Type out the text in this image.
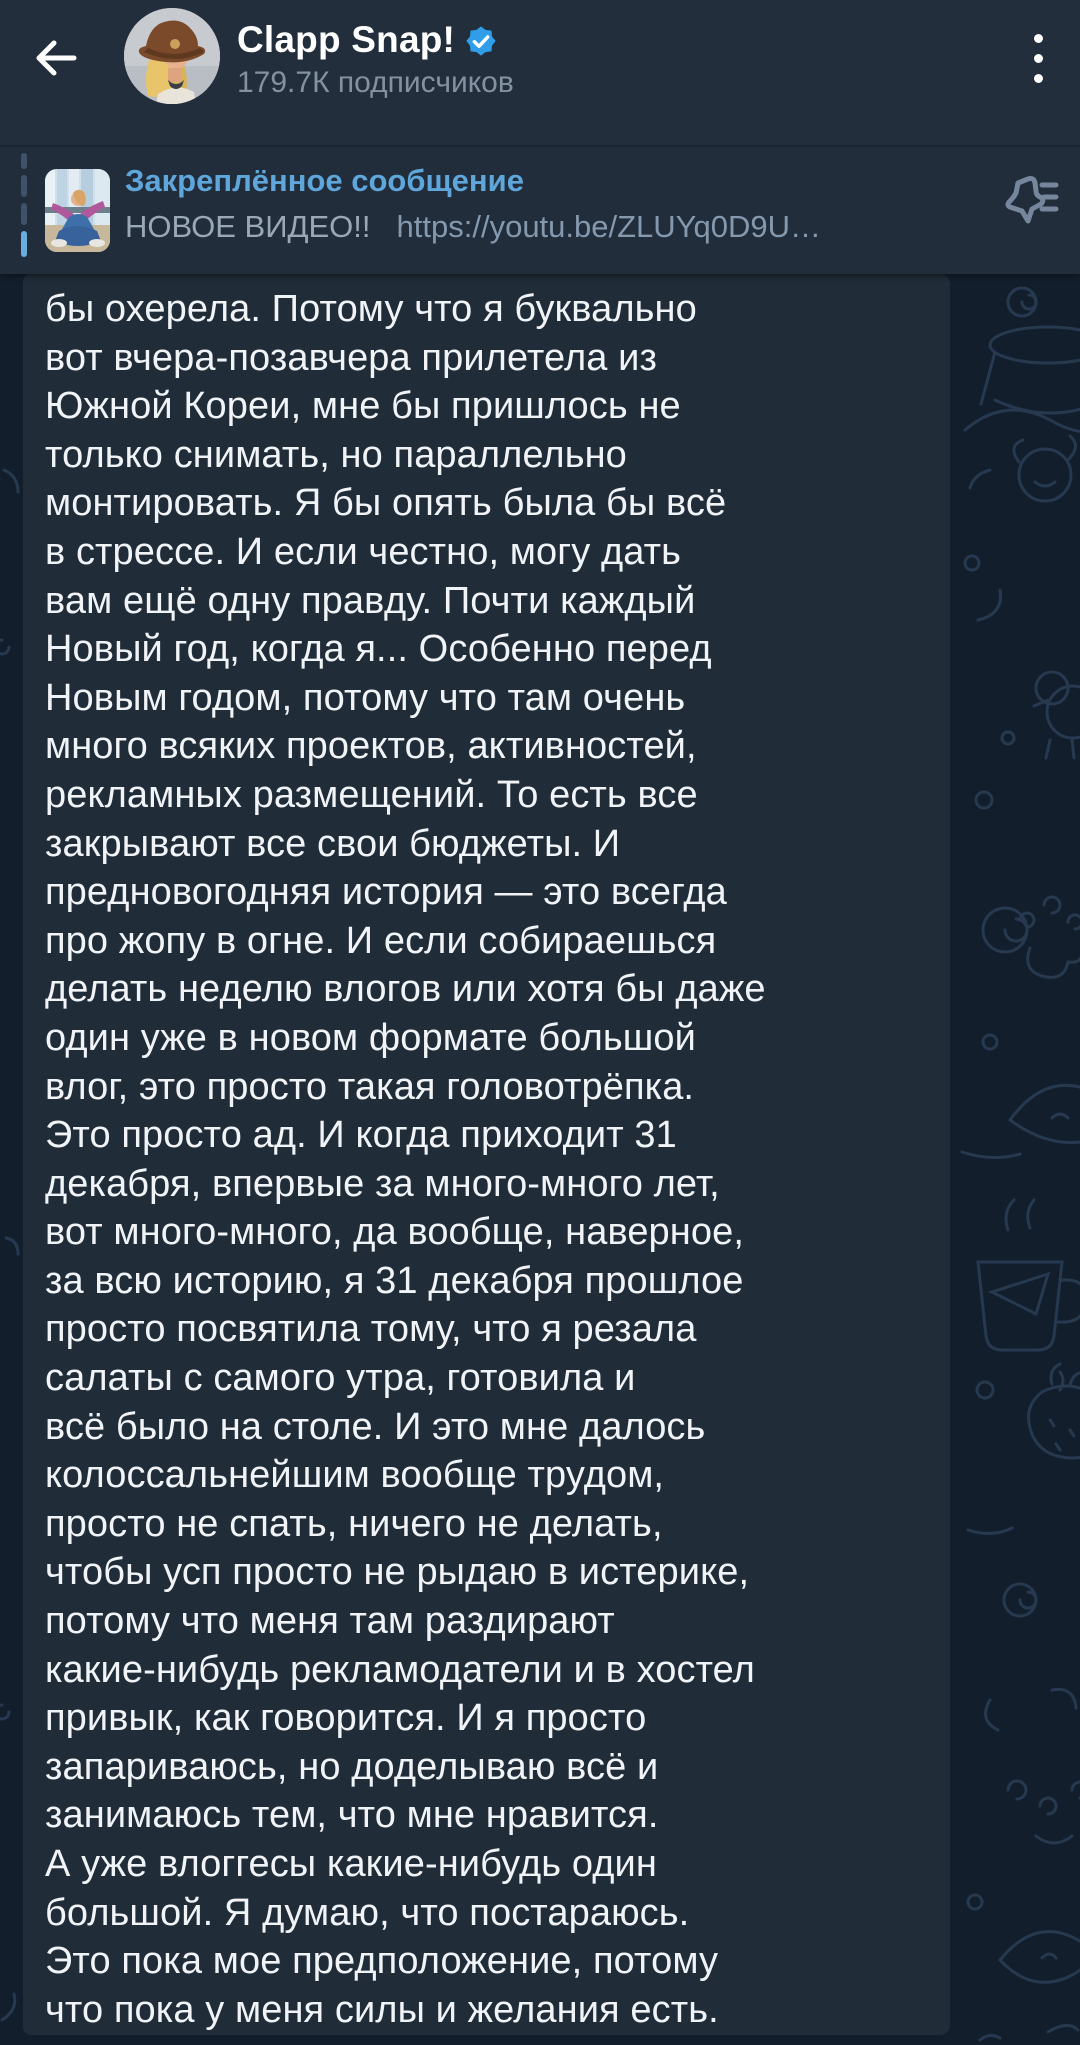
бы охерела. Потому что я буквально
вот вчера-позавчера прилетела из
Южной Кореи, мне бы пришлось не
только снимать, но параллельно
монтировать. Я бы опять была бы всё
в стрессе. И если честно, могу дать
вам ещё одну правду. Почти каждый
Новый год, когда я... Особенно перед
Новым годом, потому что там очень
много всяких проектов, активностей,
рекламных размещений. То есть все
закрывают все свои бюджеты. И
предновогодняя история — это всегда
про жопу в огне. И если собираешься
делать неделю влогов или хотя бы даже
один уже в новом формате большой
влог, это просто такая головотрёпка.
Это просто ад. И когда приходит 31
декабря, впервые за много-много лет,
вот много-много, да вообще, наверное,
за всю историю, я 31 декабря прошлое
просто посвятила тому, что я резала
салаты с самого утра, готовила и
всё было на столе. И это мне далось
колоссальнейшим вообще трудом,
просто не спать, ничего не делать,
чтобы усп просто не рыдаю в истерике,
потому что меня там раздирают
какие-нибудь рекламодатели и в хостел
привык, как говорится. И я просто
запариваюсь, но доделываю всё и
занимаюсь тем, что мне нравится.
А уже влоггесы какие-нибудь один
большой. Я думаю, что постараюсь.
Это пока мое предположение, потому
что пока у меня силы и желания есть.
Clapp Snap!
179.7К подписчиков
Закреплённое сообщение
НОВОЕ ВИДЕО!! https://youtu.be/ZLUYq0D9U…
